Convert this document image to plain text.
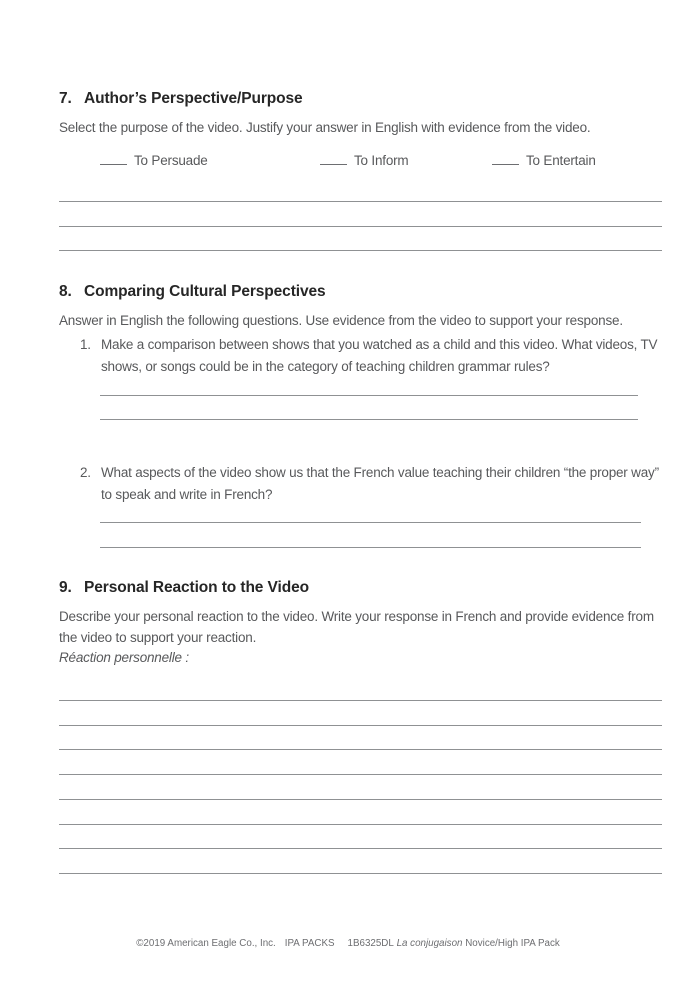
7. Author’s Perspective/Purpose
Select the purpose of the video. Justify your answer in English with evidence from the video.
To Persuade	To Inform	To Entertain
8. Comparing Cultural Perspectives
Answer in English the following questions. Use evidence from the video to support your response.
1. Make a comparison between shows that you watched as a child and this video. What videos, TV shows, or songs could be in the category of teaching children grammar rules?
2. What aspects of the video show us that the French value teaching their children “the proper way” to speak and write in French?
9. Personal Reaction to the Video
Describe your personal reaction to the video. Write your response in French and provide evidence from the video to support your reaction.
Réaction personnelle :
©2019 American Eagle Co., Inc. IPA PACKS 1B6325DL La conjugaison Novice/High IPA Pack
